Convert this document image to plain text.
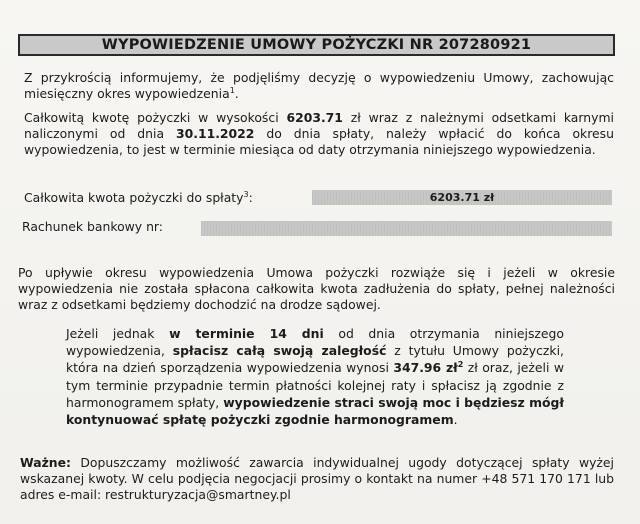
WYPOWIEDZENIE UMOWY POŻYCZKI NR 207280921

Z przykrością informujemy, że podjęliśmy decyzję o wypowiedzeniu Umowy, zachowując miesięczny okres wypowiedzenia$^1$.

Całkowitą kwotę pożyczki w wysokości 6203.71 zł wraz z należnymi odsetkami karnymi naliczonymi od dnia 30.11.2022 do dnia spłaty, należy wpłacić do końca okresu wypowiedzenia, to jest w terminie miesiąca od daty otrzymania niniejszego wypowiedzenia.

Całkowita kwota pożyczki do spłaty$^3$:	6203.71 zł
Rachunek bankowy nr:

Po upływie okresu wypowiedzenia Umowa pożyczki rozwiąże się i jeżeli w okresie wypowiedzenia nie została spłacona całkowita kwota zadłużenia do spłaty, pełnej należności wraz z odsetkami będziemy dochodzić na drodze sądowej.

Jeżeli jednak w terminie 14 dni od dnia otrzymania niniejszego wypowiedzenia, spłacisz całą swoją zaległość z tytułu Umowy pożyczki, która na dzień sporządzenia wypowiedzenia wynosi 347.96 $zł^2$ zł oraz, jeżeli w tym terminie przypadnie termin płatności kolejnej raty i spłacisz ją zgodnie z harmonogramem spłaty, wypowiedzenie straci swoją moc i będziesz mógł kontynuować spłatę pożyczki zgodnie harmonogramem.

Ważne: Dopuszczamy możliwość zawarcia indywidualnej ugody dotyczącej spłaty wyżej wskazanej kwoty. W celu podjęcia negocjacji prosimy o kontakt na numer +48 571 170 171 lub adres e-mail: restrukturyzacja@smartney.pl
